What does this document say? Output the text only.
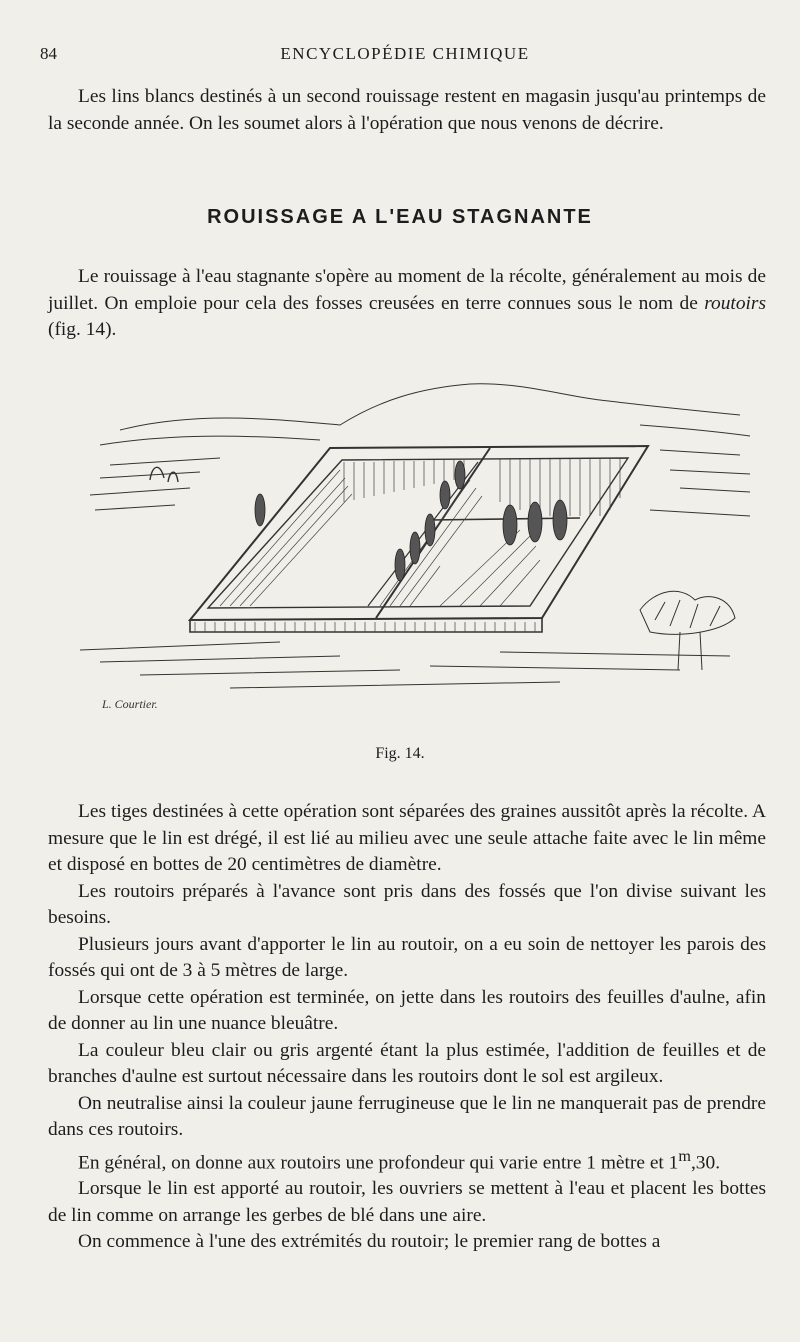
84	ENCYCLOPÉDIE CHIMIQUE

Les lins blancs destinés à un second rouissage restent en magasin jusqu'au printemps de la seconde année. On les soumet alors à l'opération que nous venons de décrire.

ROUISSAGE A L'EAU STAGNANTE

Le rouissage à l'eau stagnante s'opère au moment de la récolte, généralement au mois de juillet. On emploie pour cela des fosses creusées en terre connues sous le nom de routoirs (fig. 14).

L. Courtier.
Fig. 14.

Les tiges destinées à cette opération sont séparées des graines aussitôt après la récolte. A mesure que le lin est drégé, il est lié au milieu avec une seule attache faite avec le lin même et disposé en bottes de 20 centimètres de diamètre.

Les routoirs préparés à l'avance sont pris dans des fossés que l'on divise suivant les besoins.

Plusieurs jours avant d'apporter le lin au routoir, on a eu soin de nettoyer les parois des fossés qui ont de 3 à 5 mètres de large.

Lorsque cette opération est terminée, on jette dans les routoirs des feuilles d'aulne, afin de donner au lin une nuance bleuâtre.

La couleur bleu clair ou gris argenté étant la plus estimée, l'addition de feuilles et de branches d'aulne est surtout nécessaire dans les routoirs dont le sol est argileux.

On neutralise ainsi la couleur jaune ferrugineuse que le lin ne manquerait pas de prendre dans ces routoirs.

En général, on donne aux routoirs une profondeur qui varie entre 1 mètre et 1$^m$,30.

Lorsque le lin est apporté au routoir, les ouvriers se mettent à l'eau et placent les bottes de lin comme on arrange les gerbes de blé dans une aire.

On commence à l'une des extrémités du routoir; le premier rang de bottes a
